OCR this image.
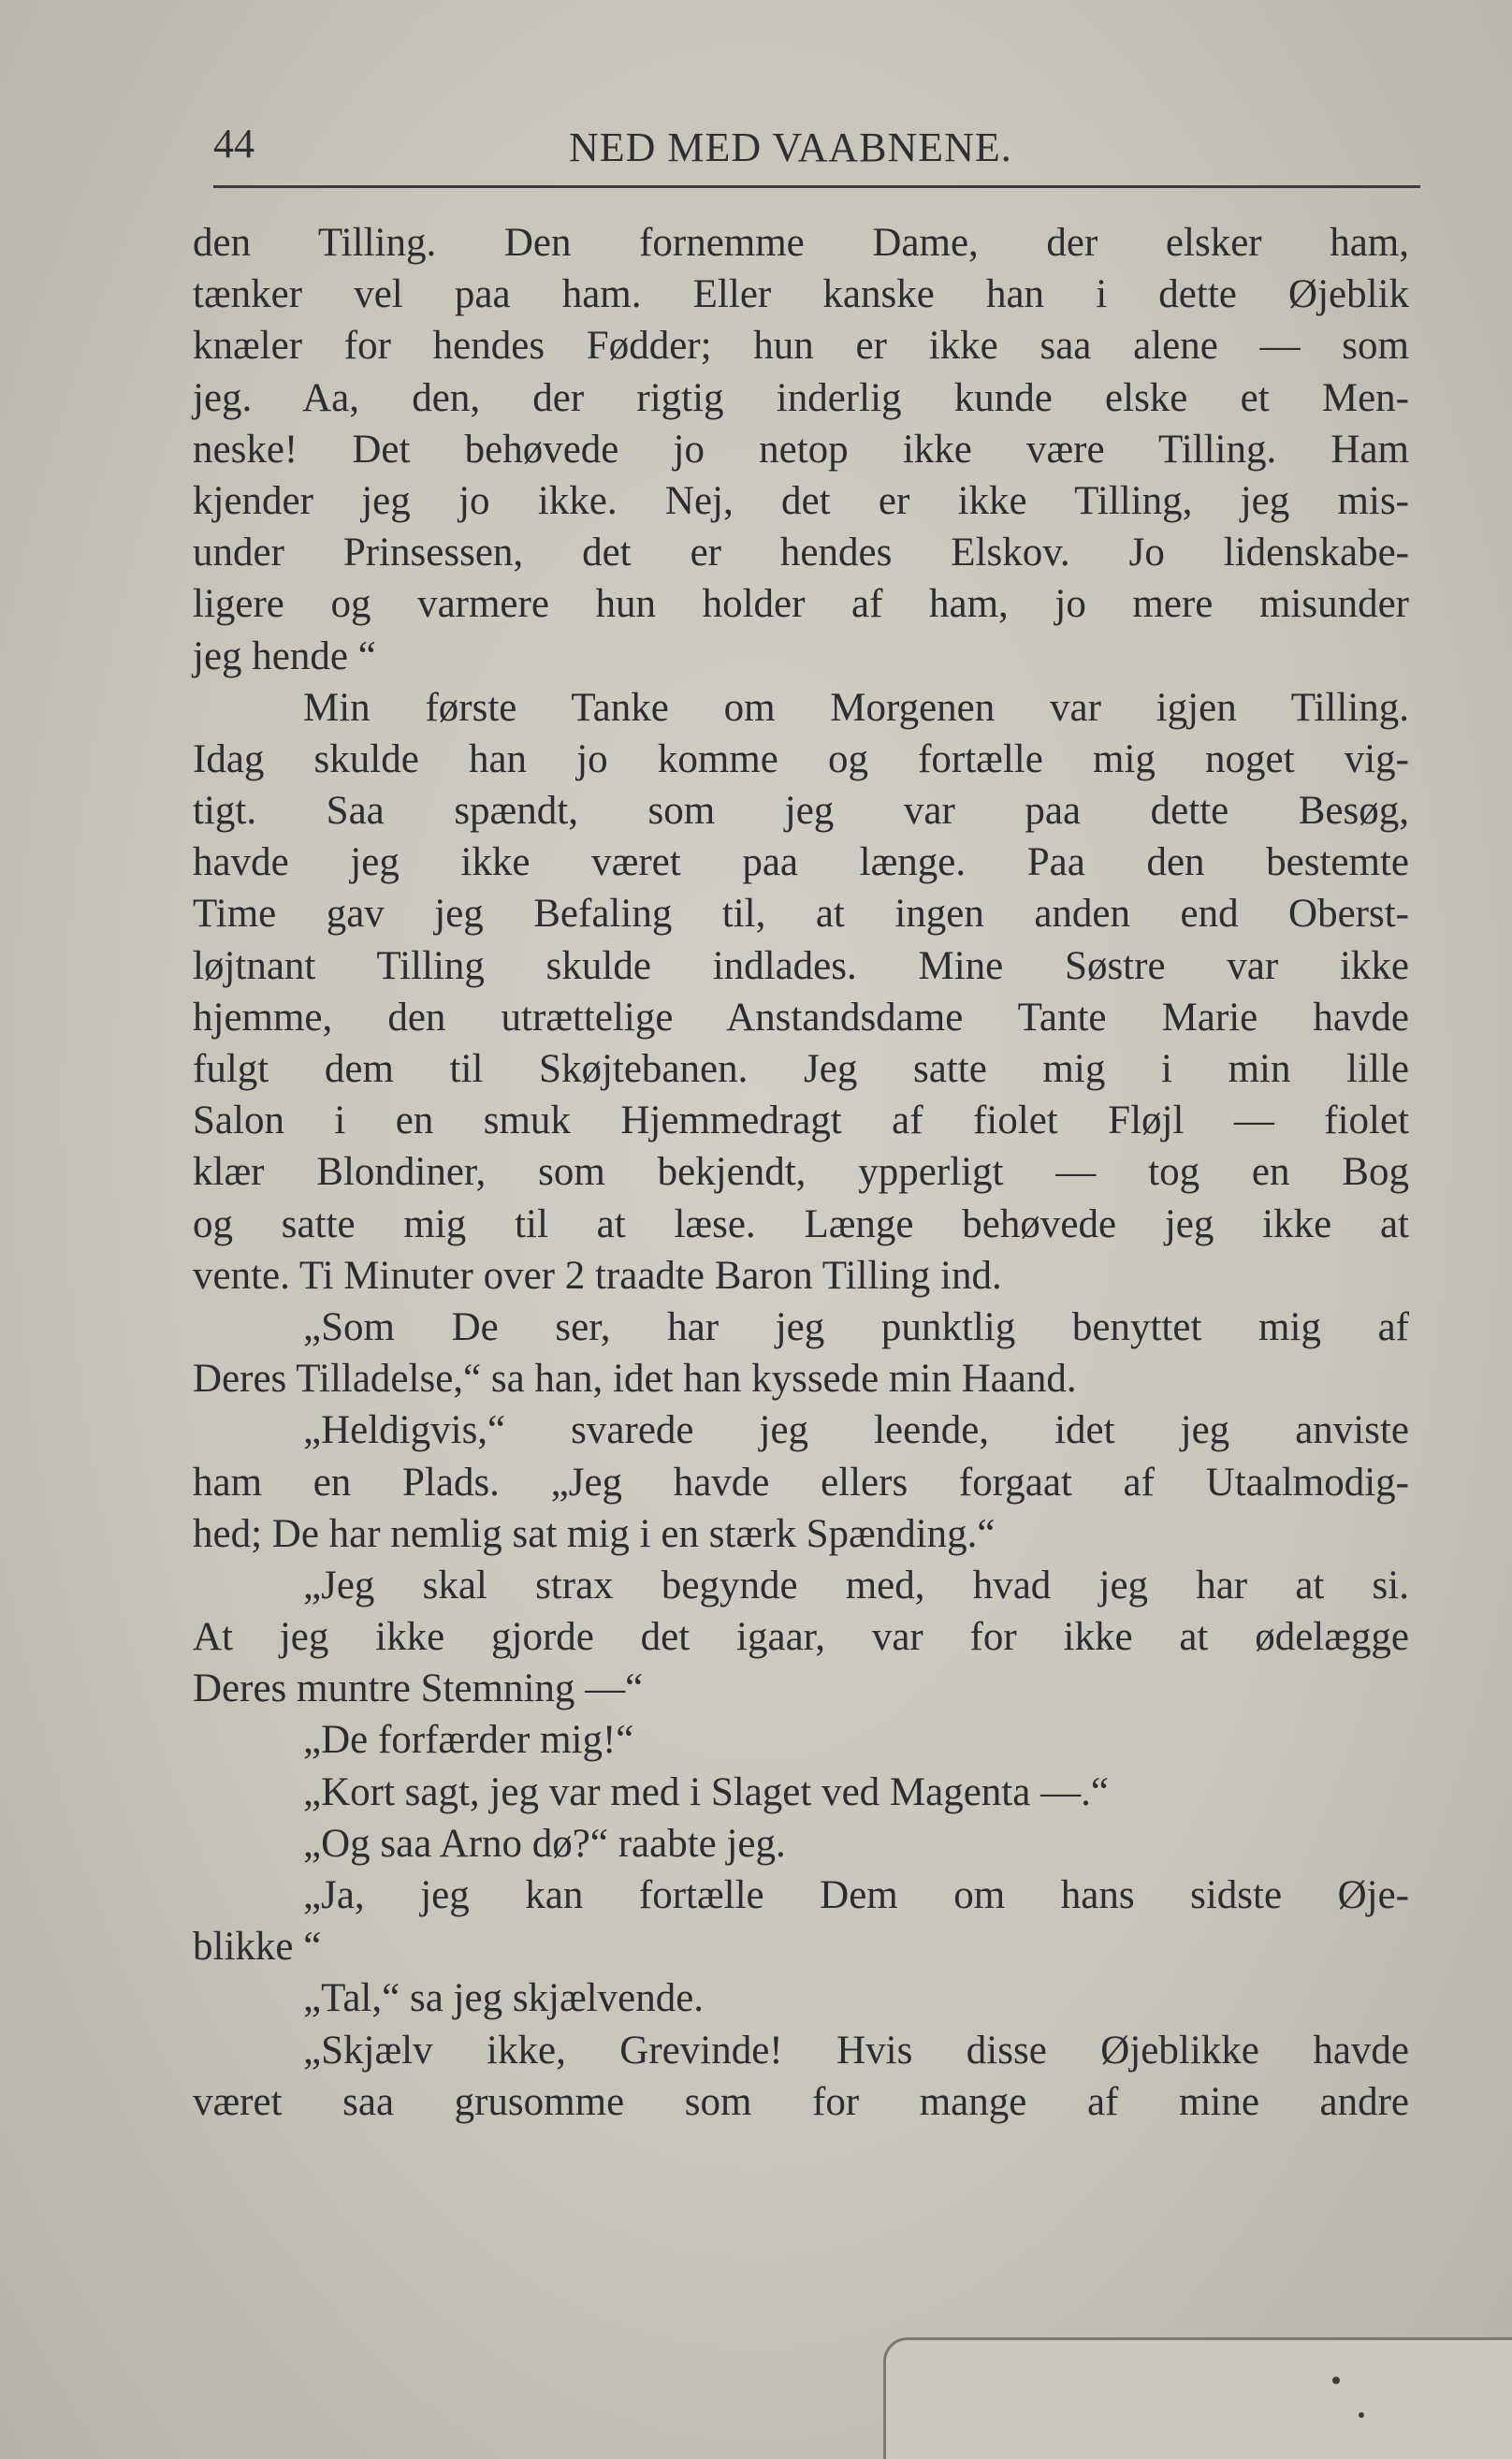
44	NED MED VAABNENE.
den Tilling. Den fornemme Dame, der elsker ham,
tænker vel paa ham. Eller kanske han i dette Øjeblik
knæler for hendes Fødder; hun er ikke saa alene — som
jeg. Aa, den, der rigtig inderlig kunde elske et Men-
neske! Det behøvede jo netop ikke være Tilling. Ham
kjender jeg jo ikke. Nej, det er ikke Tilling, jeg mis-
under Prinsessen, det er hendes Elskov. Jo lidenskabe-
ligere og varmere hun holder af ham, jo mere misunder
jeg hende “
Min første Tanke om Morgenen var igjen Tilling.
Idag skulde han jo komme og fortælle mig noget vig-
tigt. Saa spændt, som jeg var paa dette Besøg,
havde jeg ikke været paa længe. Paa den bestemte
Time gav jeg Befaling til, at ingen anden end Oberst-
løjtnant Tilling skulde indlades. Mine Søstre var ikke
hjemme, den utrættelige Anstandsdame Tante Marie havde
fulgt dem til Skøjtebanen. Jeg satte mig i min lille
Salon i en smuk Hjemmedragt af fiolet Fløjl — fiolet
klær Blondiner, som bekjendt, ypperligt — tog en Bog
og satte mig til at læse. Længe behøvede jeg ikke at
vente. Ti Minuter over 2 traadte Baron Tilling ind.
„Som De ser, har jeg punktlig benyttet mig af
Deres Tilladelse,“ sa han, idet han kyssede min Haand.
„Heldigvis,“ svarede jeg leende, idet jeg anviste
ham en Plads. „Jeg havde ellers forgaat af Utaalmodig-
hed; De har nemlig sat mig i en stærk Spænding.“
„Jeg skal strax begynde med, hvad jeg har at si.
At jeg ikke gjorde det igaar, var for ikke at ødelægge
Deres muntre Stemning —“
„De forfærder mig!“
„Kort sagt, jeg var med i Slaget ved Magenta —.“
„Og saa Arno dø?“ raabte jeg.
„Ja, jeg kan fortælle Dem om hans sidste Øje-
blikke “
„Tal,“ sa jeg skjælvende.
„Skjælv ikke, Grevinde! Hvis disse Øjeblikke havde
været saa grusomme som for mange af mine andre
